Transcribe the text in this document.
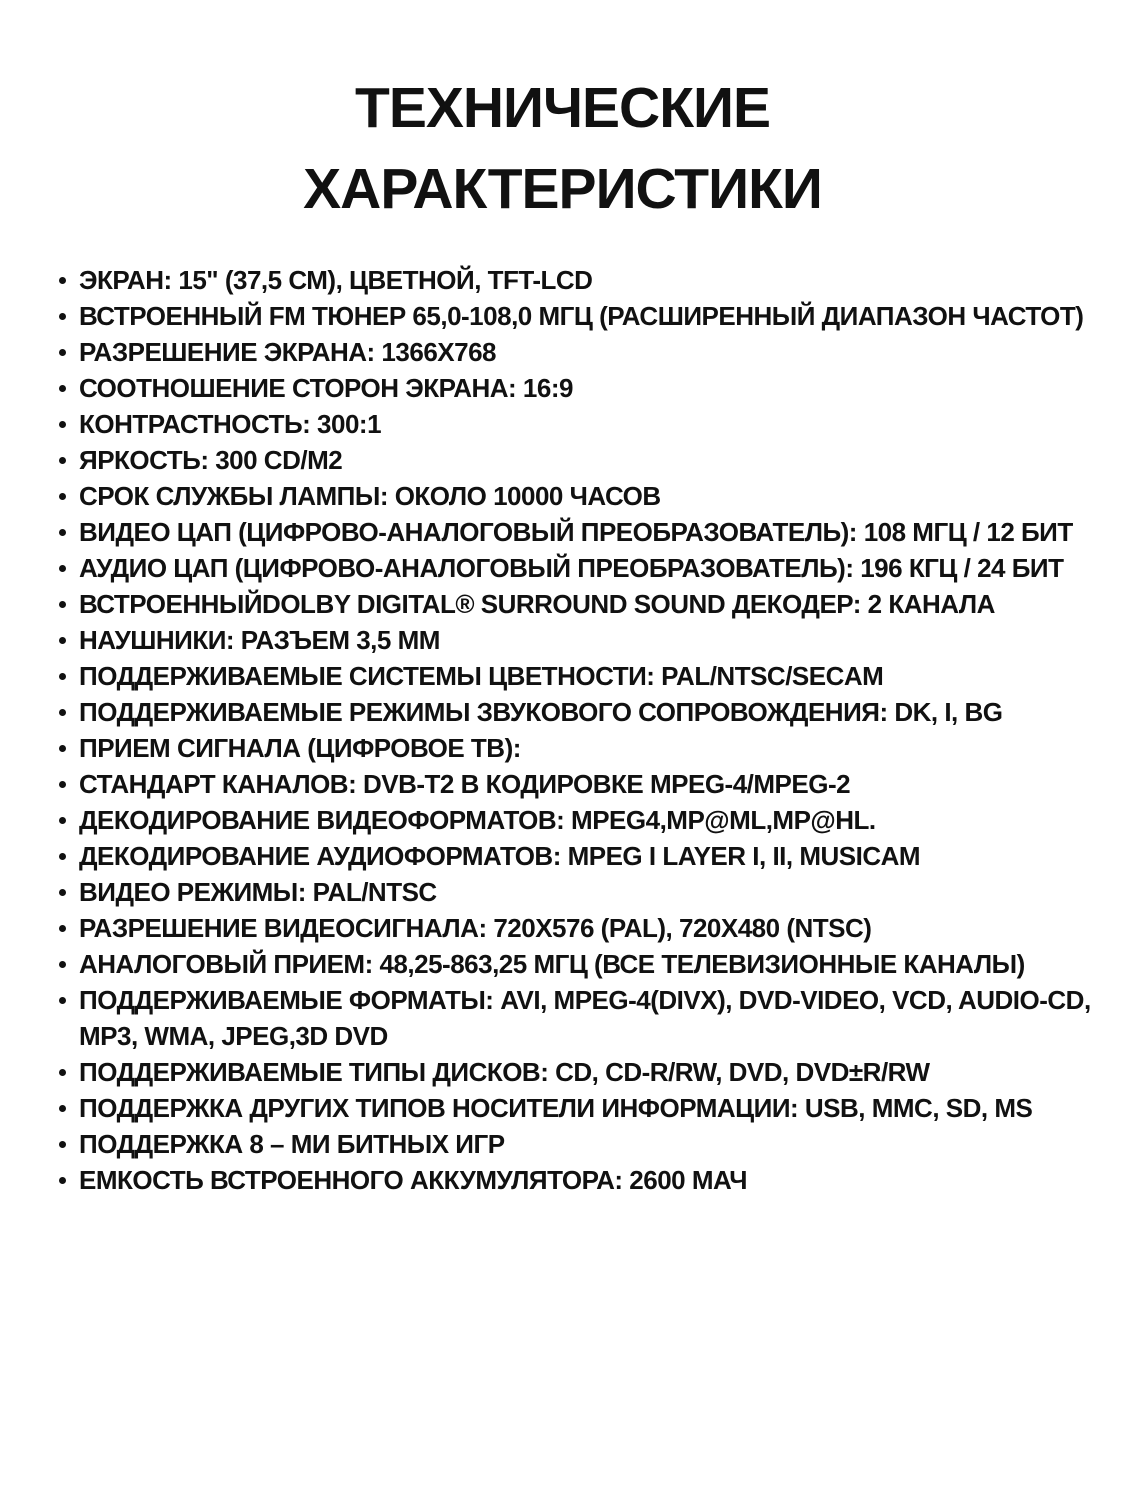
ТЕХНИЧЕСКИЕ ХАРАКТЕРИСТИКИ
ЭКРАН: 15" (37,5 СМ), ЦВЕТНОЙ, TFT-LCD
ВСТРОЕННЫЙ FM ТЮНЕР 65,0-108,0 МГЦ (РАСШИРЕННЫЙ ДИАПАЗОН ЧАСТОТ)
РАЗРЕШЕНИЕ ЭКРАНА: 1366X768
СООТНОШЕНИЕ СТОРОН ЭКРАНА: 16:9
КОНТРАСТНОСТЬ: 300:1
ЯРКОСТЬ: 300 CD/M2
СРОК СЛУЖБЫ ЛАМПЫ: ОКОЛО 10000 ЧАСОВ
ВИДЕО ЦАП (ЦИФРОВО-АНАЛОГОВЫЙ ПРЕОБРАЗОВАТЕЛЬ): 108 МГЦ / 12 БИТ
АУДИО ЦАП (ЦИФРОВО-АНАЛОГОВЫЙ ПРЕОБРАЗОВАТЕЛЬ): 196 КГЦ / 24 БИТ
ВСТРОЕННЫЙDOLBY DIGITAL® SURROUND SOUND ДЕКОДЕР: 2 КАНАЛА
НАУШНИКИ: РАЗЪЕМ 3,5 ММ
ПОДДЕРЖИВАЕМЫЕ СИСТЕМЫ ЦВЕТНОСТИ: PAL/NTSC/SECAM
ПОДДЕРЖИВАЕМЫЕ РЕЖИМЫ ЗВУКОВОГО СОПРОВОЖДЕНИЯ: DK, I, BG
ПРИЕМ СИГНАЛА (ЦИФРОВОЕ ТВ):
СТАНДАРТ КАНАЛОВ: DVB-T2 В КОДИРОВКЕ MPEG-4/MPEG-2
ДЕКОДИРОВАНИЕ ВИДЕОФОРМАТОВ: MPEG4,MP@ML,MP@HL.
ДЕКОДИРОВАНИЕ АУДИОФОРМАТОВ: MPEG I LAYER I, II, MUSICAM
ВИДЕО РЕЖИМЫ: PAL/NTSC
РАЗРЕШЕНИЕ ВИДЕОСИГНАЛА: 720X576 (PAL), 720X480 (NTSC)
АНАЛОГОВЫЙ ПРИЕМ: 48,25-863,25 МГЦ (ВСЕ ТЕЛЕВИЗИОННЫЕ КАНАЛЫ)
ПОДДЕРЖИВАЕМЫЕ ФОРМАТЫ: AVI, MPEG-4(DIVX), DVD-VIDEO, VCD, AUDIO-CD, MP3, WMA, JPEG,3D DVD
ПОДДЕРЖИВАЕМЫЕ ТИПЫ ДИСКОВ: CD, CD-R/RW, DVD, DVD±R/RW
ПОДДЕРЖКА ДРУГИХ ТИПОВ НОСИТЕЛИ ИНФОРМАЦИИ: USB, MMC, SD, MS
ПОДДЕРЖКА 8 – МИ БИТНЫХ ИГР
ЕМКОСТЬ ВСТРОЕННОГО АККУМУЛЯТОРА: 2600 МАЧ
